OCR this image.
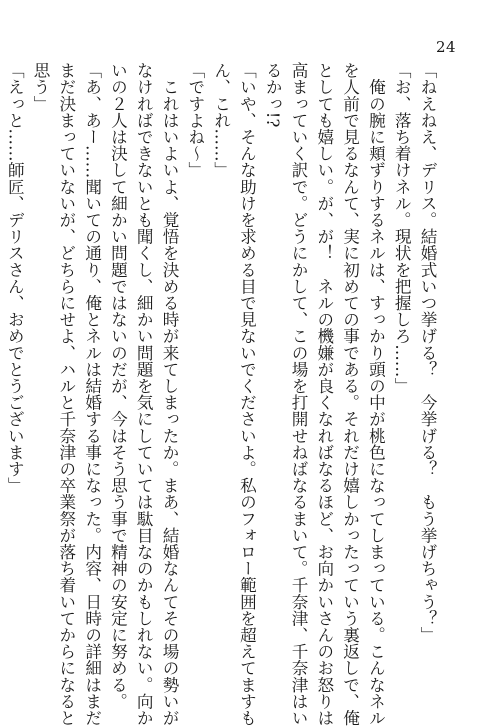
24
「ねえねえ、デリス。結婚式いつ挙げる？　今挙げる？　もう挙げちゃう？」
「お、落ち着けネル。現状を把握しろ……」
　俺の腕に頬ずりするネルは、すっかり頭の中が桃色になってしまっている。こんなネル
を人前で見るなんて、実に初めての事である。それだけ嬉しかったっていう裏返しで、俺
としても嬉しい。が、が！　ネルの機嫌が良くなればなるほど、お向かいさんのお怒りは
高まっていく訳で。どうにかして、この場を打開せねばなるまいて。千奈津、千奈津はい
るかっ!?
「いや、そんな助けを求める目で見ないでくださいよ。私のフォロー範囲を超えてますも
ん、これ……」
「ですよね～」
　これはいよいよ、覚悟を決める時が来てしまったか。まあ、結婚なんてその場の勢いが
なければできないとも聞くし、細かい問題を気にしていては駄目なのかもしれない。向か
いの２人は決して細かい問題ではないのだが、今はそう思う事で精神の安定に努める。
「あ、あー……聞いての通り、俺とネルは結婚する事になった。内容、日時の詳細はまだ
まだ決まっていないが、どちらにせよ、ハルと千奈津の卒業祭が落ち着いてからになると
思う」
「えっと……師匠、デリスさん、おめでとうございます」
